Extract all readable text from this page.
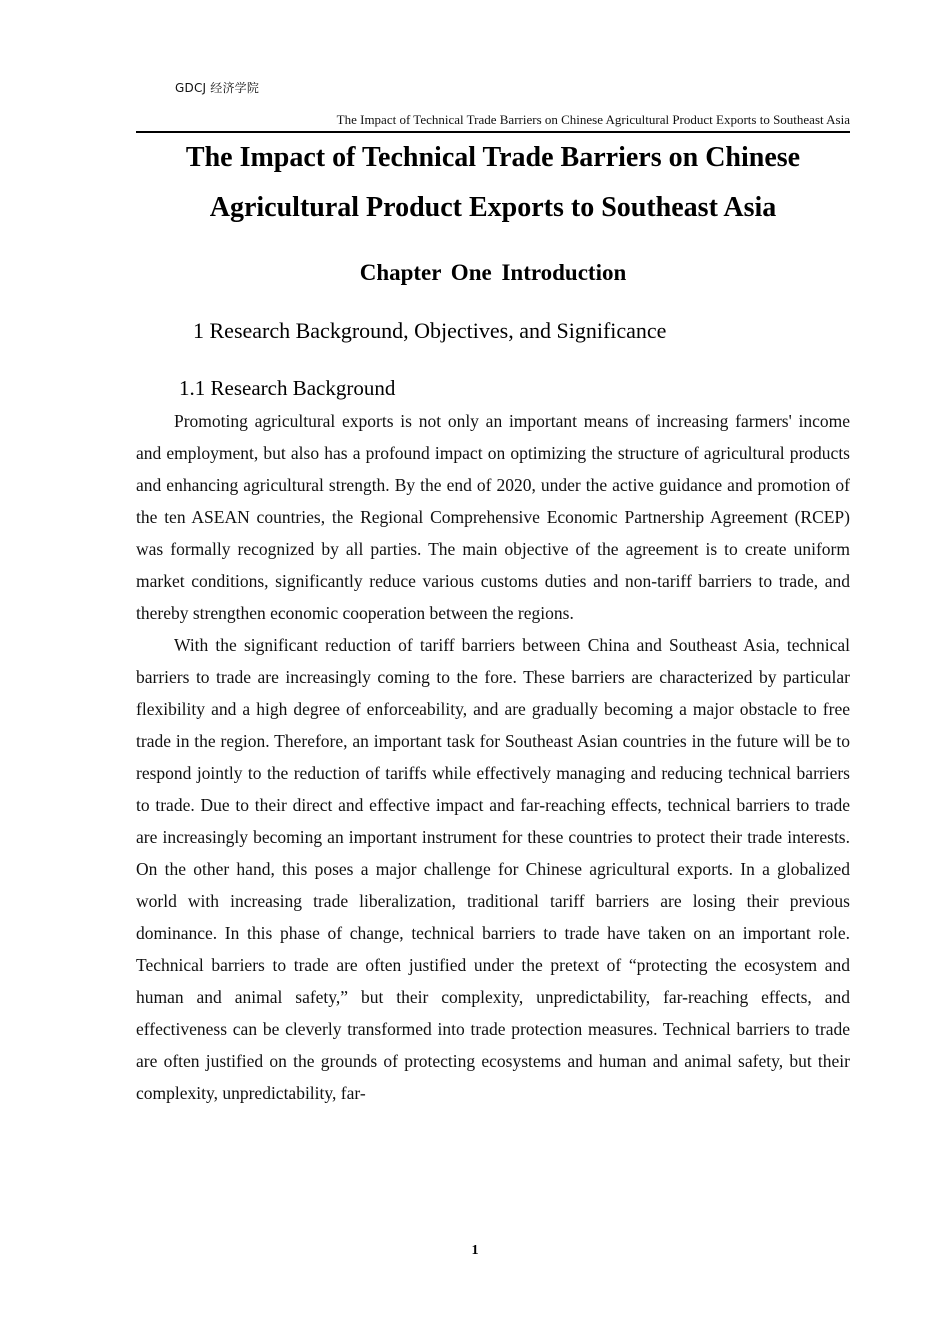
GDCJ 经济学院
The Impact of Technical Trade Barriers on Chinese Agricultural Product Exports to Southeast Asia
The Impact of Technical Trade Barriers on Chinese
Agricultural Product Exports to Southeast Asia
Chapter One Introduction
1 Research Background, Objectives, and Significance
1.1 Research Background

Promoting agricultural exports is not only an important means of increasing farmers' income and employment, but also has a profound impact on optimizing the structure of agricultural products and enhancing agricultural strength. By the end of 2020, under the active guidance and promotion of the ten ASEAN countries, the Regional Comprehensive Economic Partnership Agreement (RCEP) was formally recognized by all parties. The main objective of the agreement is to create uniform market conditions, significantly reduce various customs duties and non-tariff barriers to trade, and thereby strengthen economic cooperation between the regions.

With the significant reduction of tariff barriers between China and Southeast Asia, technical barriers to trade are increasingly coming to the fore. These barriers are characterized by particular flexibility and a high degree of enforceability, and are gradually becoming a major obstacle to free trade in the region. Therefore, an important task for Southeast Asian countries in the future will be to respond jointly to the reduction of tariffs while effectively managing and reducing technical barriers to trade. Due to their direct and effective impact and far-reaching effects, technical barriers to trade are increasingly becoming an important instrument for these countries to protect their trade interests. On the other hand, this poses a major challenge for Chinese agricultural exports. In a globalized world with increasing trade liberalization, traditional tariff barriers are losing their previous dominance. In this phase of change, technical barriers to trade have taken on an important role. Technical barriers to trade are often justified under the pretext of “protecting the ecosystem and human and animal safety,” but their complexity, unpredictability, far-reaching effects, and effectiveness can be cleverly transformed into trade protection measures. Technical barriers to trade are often justified on the grounds of protecting ecosystems and human and animal safety, but their complexity, unpredictability, far-

1
